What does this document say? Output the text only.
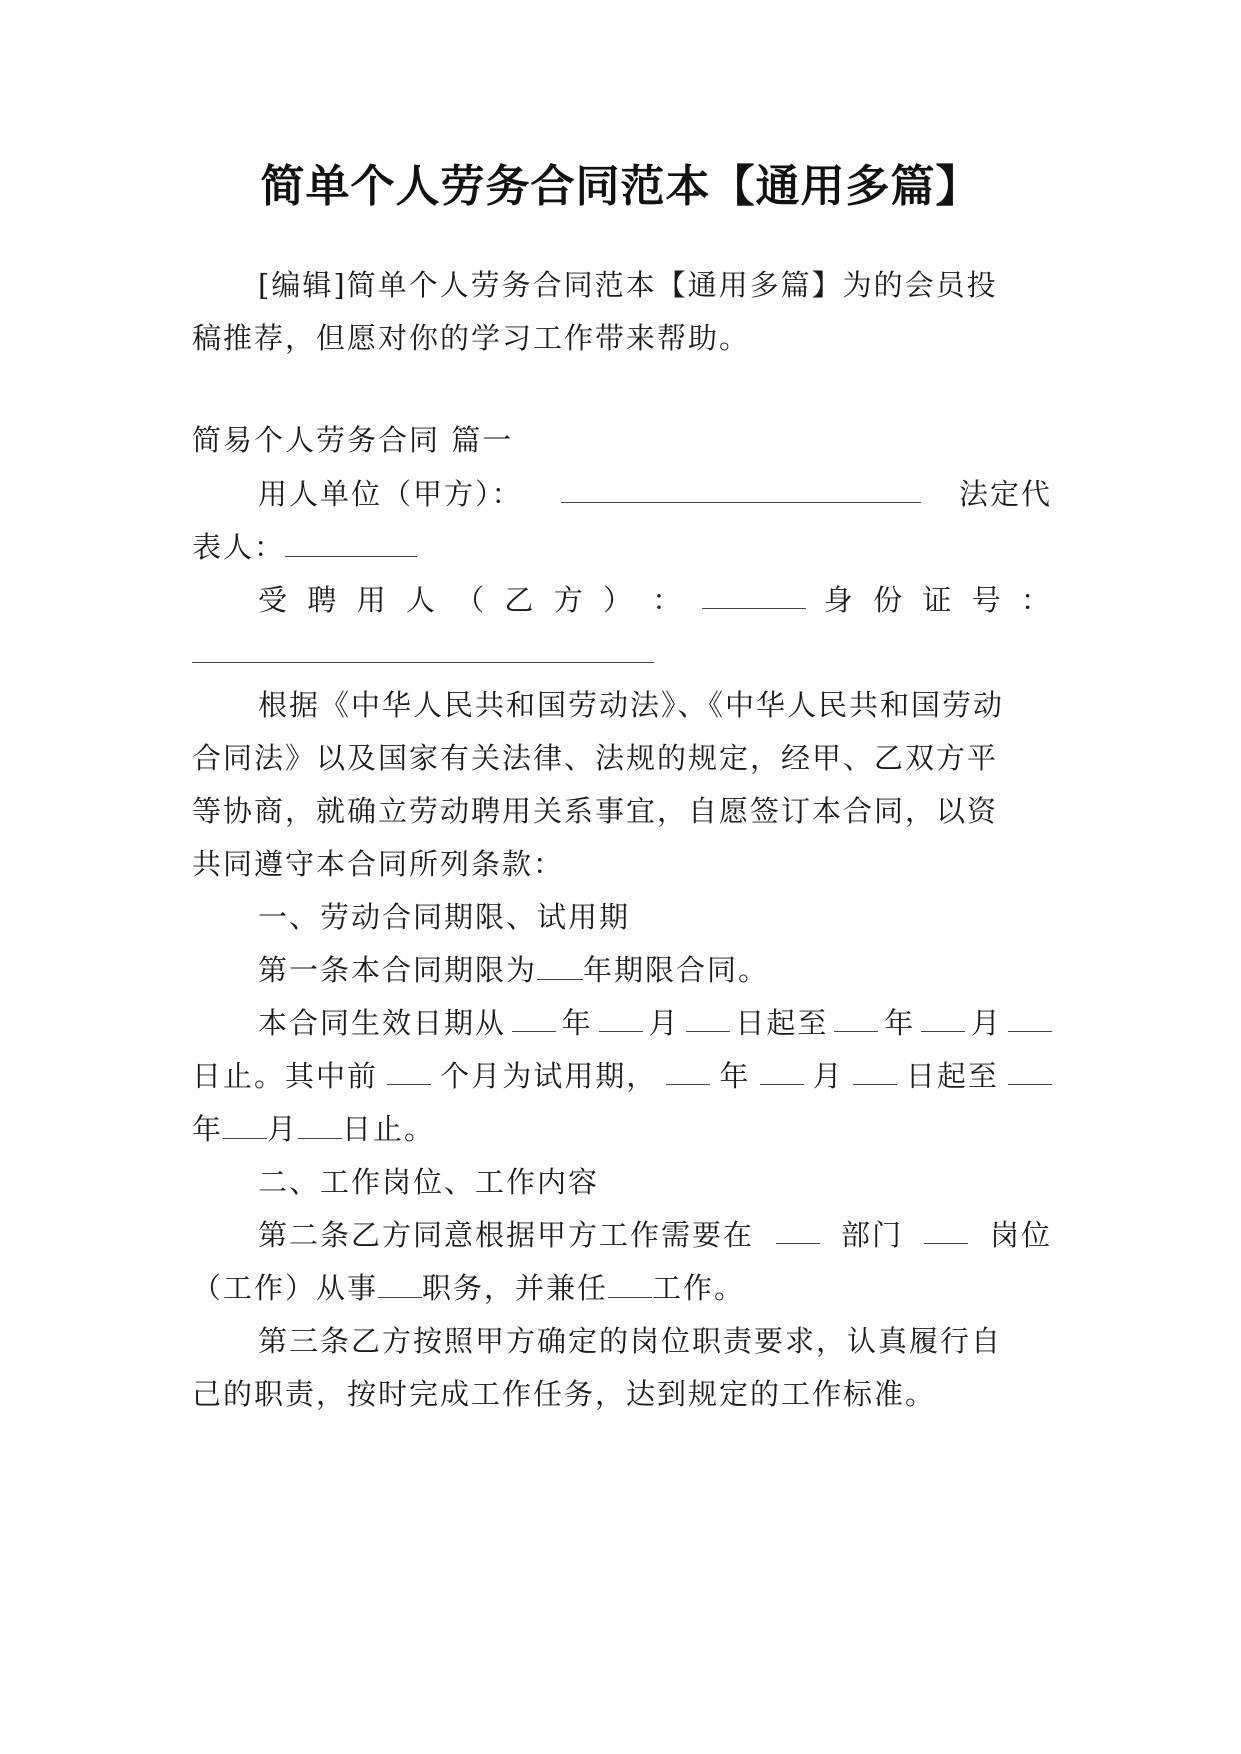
简单个人劳务合同范本【通用多篇】
[编辑]简单个人劳务合同范本【通用多篇】为的会员投
稿推荐，但愿对你的学习工作带来帮助。
简易个人劳务合同 篇一
用人单位（甲方）：	法定代
表人：
受 聘 用 人 （ 乙 方 ） ：	身 份 证 号 ：
根据《中华人民共和国劳动法》、《中华人民共和国劳动
合同法》以及国家有关法律、法规的规定，经甲、乙双方平
等协商，就确立劳动聘用关系事宜，自愿签订本合同，以资
共同遵守本合同所列条款：
一、劳动合同期限、试用期
第一条本合同期限为 年期限合同。
本合同生效日期从 年 月 日起至 年 月
日止。其中前 个月为试用期， 年 月 日起至
年 月 日止。
二、工作岗位、工作内容
第二条乙方同意根据甲方工作需要在	部门	岗位
（工作）从事 职务，并兼任 工作。
第三条乙方按照甲方确定的岗位职责要求，认真履行自
己的职责，按时完成工作任务，达到规定的工作标准。
